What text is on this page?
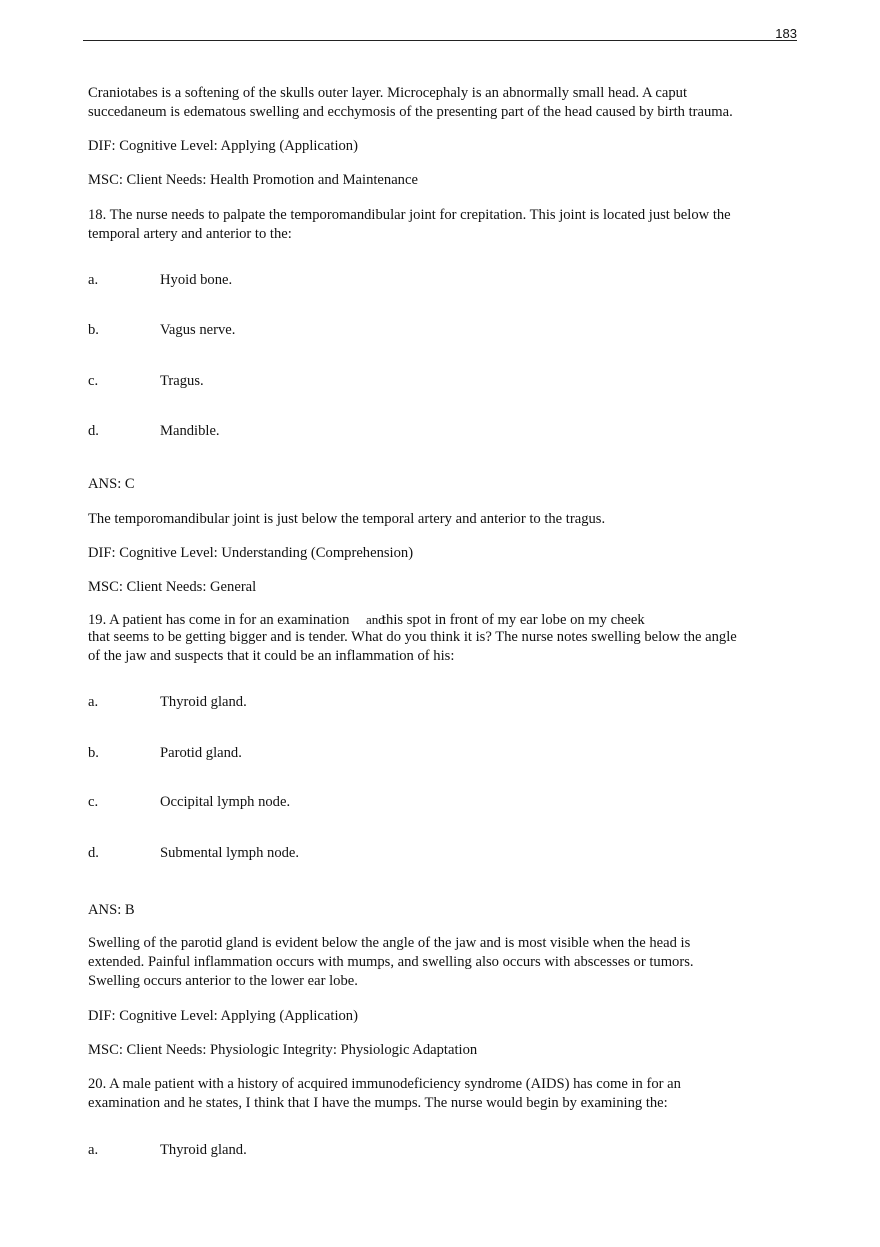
183
Craniotabes is a softening of the skulls outer layer. Microcephaly is an abnormally small head. A caput
succedaneum is edematous swelling and ecchymosis of the presenting part of the head caused by birth trauma.
DIF: Cognitive Level: Applying (Application)
MSC: Client Needs: Health Promotion and Maintenance
18. The nurse needs to palpate the temporomandibular joint for crepitation. This joint is located just below the
temporal artery and anterior to the:
a.	Hyoid bone.
b.	Vagus nerve.
c.	Tragus.
d.	Mandible.
ANS: C
The temporomandibular joint is just below the temporal artery and anterior to the tragus.
DIF: Cognitive Level: Understanding (Comprehension)
MSC: Client Needs: General
19. A patient has come in for an examination and
this spot in front of my ear lobe on my cheek
that seems to be getting bigger and is tender. What do you think it is? The nurse notes swelling below the angle
of the jaw and suspects that it could be an inflammation of his:
a.	Thyroid gland.
b.	Parotid gland.
c.	Occipital lymph node.
d.	Submental lymph node.
ANS: B
Swelling of the parotid gland is evident below the angle of the jaw and is most visible when the head is
extended. Painful inflammation occurs with mumps, and swelling also occurs with abscesses or tumors.
Swelling occurs anterior to the lower ear lobe.
DIF: Cognitive Level: Applying (Application)
MSC: Client Needs: Physiologic Integrity: Physiologic Adaptation
20. A male patient with a history of acquired immunodeficiency syndrome (AIDS) has come in for an
examination and he states, I think that I have the mumps. The nurse would begin by examining the:
a.	Thyroid gland.
